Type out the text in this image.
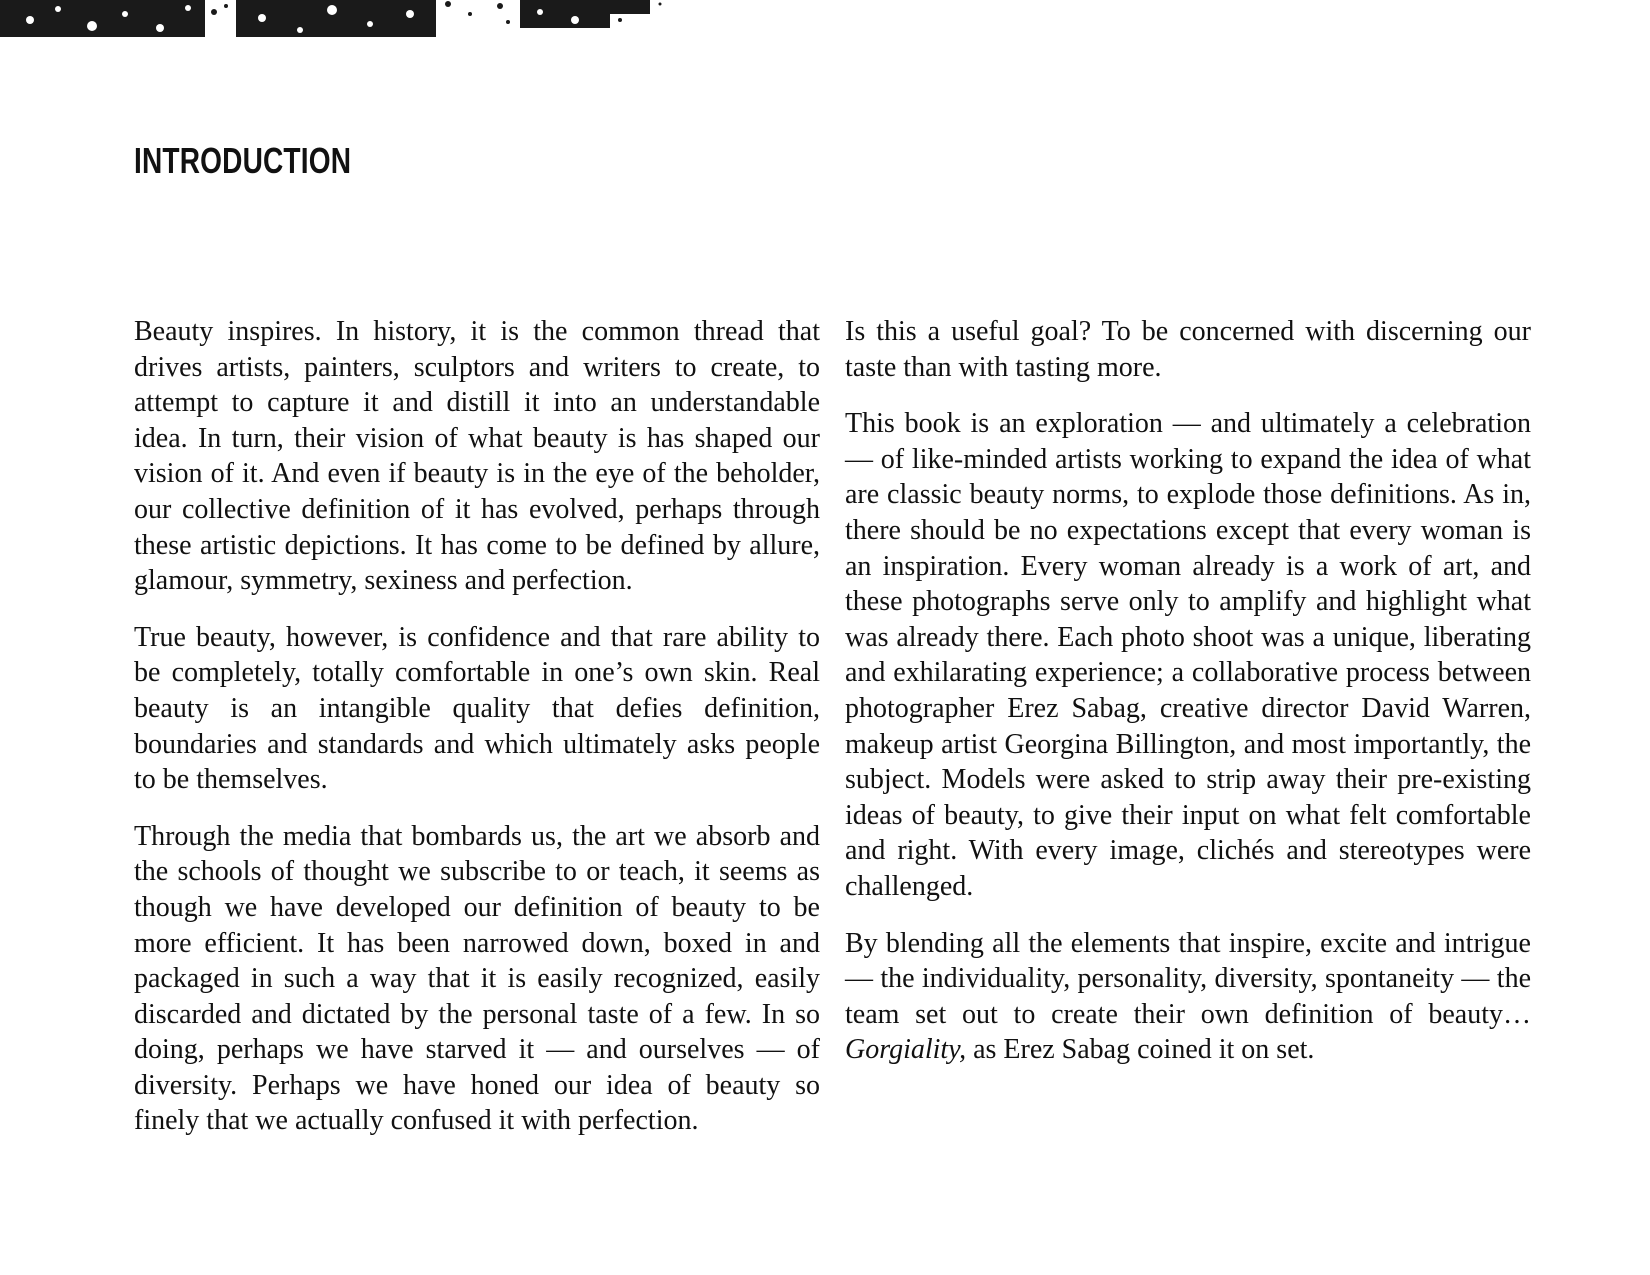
INTRODUCTION

Beauty inspires. In history, it is the common thread that drives artists, painters, sculptors and writers to create, to attempt to capture it and distill it into an understandable idea. In turn, their vision of what beauty is has shaped our vision of it. And even if beauty is in the eye of the beholder, our collective definition of it has evolved, perhaps through these artistic depictions. It has come to be defined by allure, glamour, symmetry, sexiness and perfection.

True beauty, however, is confidence and that rare ability to be completely, totally comfortable in one’s own skin. Real beauty is an intangible quality that defies definition, boundaries and standards and which ultimately asks people to be themselves.

Through the media that bombards us, the art we absorb and the schools of thought we subscribe to or teach, it seems as though we have developed our definition of beauty to be more efficient. It has been narrowed down, boxed in and packaged in such a way that it is easily recognized, easily discarded and dictated by the personal taste of a few. In so doing, perhaps we have starved it — and ourselves — of diversity. Perhaps we have honed our idea of beauty so finely that we actually confused it with perfection.

Is this a useful goal? To be concerned with discerning our taste than with tasting more.

This book is an exploration — and ultimately a celebration — of like-minded artists working to expand the idea of what are classic beauty norms, to explode those definitions. As in, there should be no expectations except that every woman is an inspiration. Every woman already is a work of art, and these photographs serve only to amplify and highlight what was already there. Each photo shoot was a unique, liberating and exhilarating experience; a collaborative process between photographer Erez Sabag, creative director David Warren, makeup artist Georgina Billington, and most importantly, the subject. Models were asked to strip away their pre-existing ideas of beauty, to give their input on what felt comfortable and right. With every image, clichés and stereotypes were challenged.

By blending all the elements that inspire, excite and intrigue — the individuality, personality, diversity, spontaneity — the team set out to create their own definition of beauty… Gorgiality, as Erez Sabag coined it on set.
